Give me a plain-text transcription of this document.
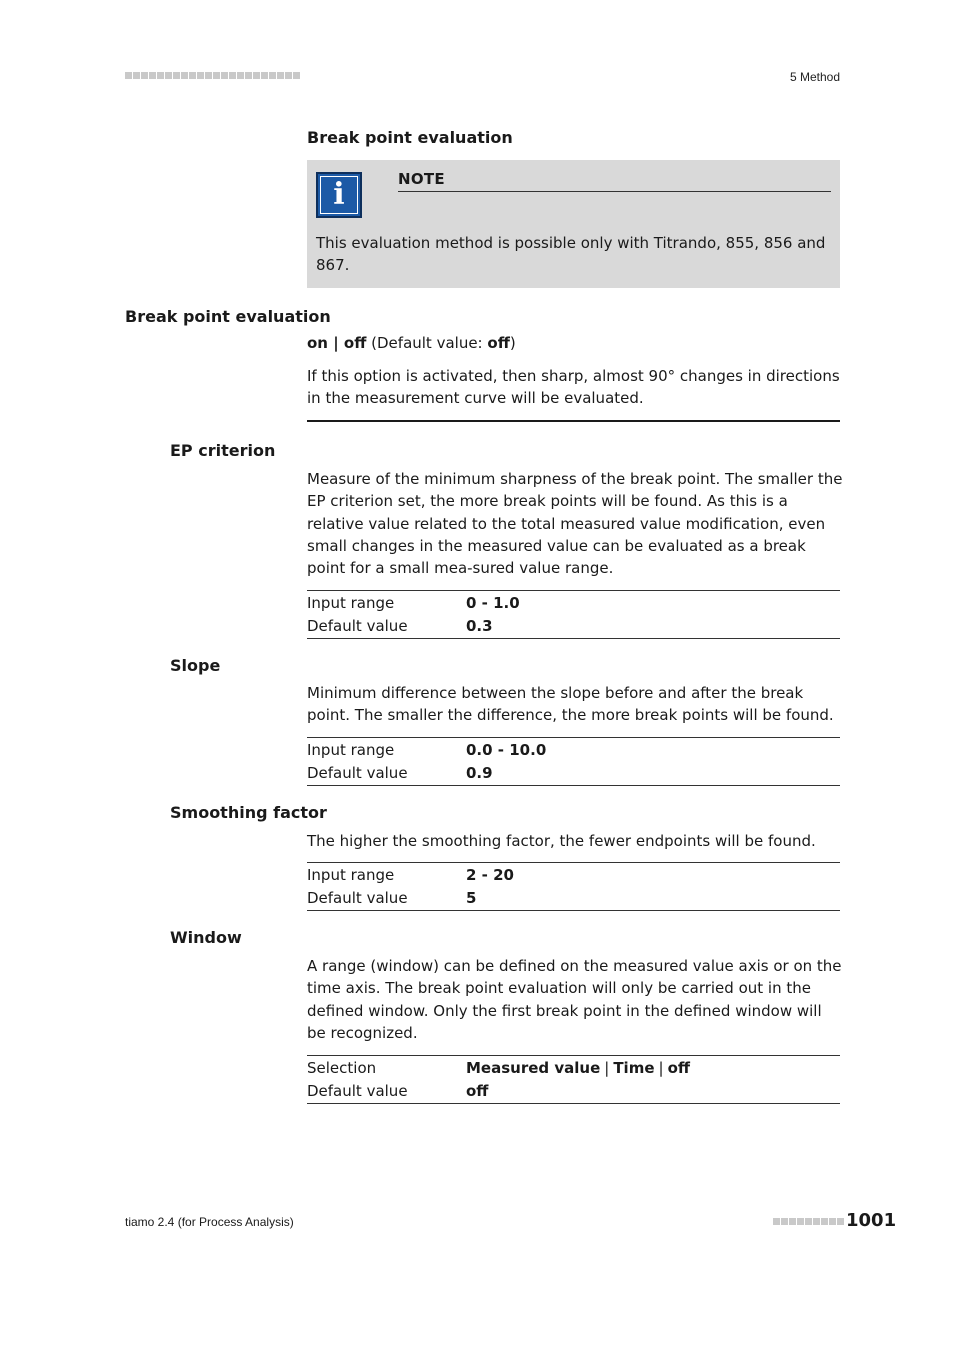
5 Method
Break point evaluation
i	NOTE
This evaluation method is possible only with Titrando, 855, 856 and 867.
Break point evaluation
on | off (Default value: off)
If this option is activated, then sharp, almost 90° changes in directions in the measurement curve will be evaluated.
EP criterion
Measure of the minimum sharpness of the break point. The smaller the EP criterion set, the more break points will be found. As this is a relative value related to the total measured value modification, even small changes in the measured value can be evaluated as a break point for a small mea-sured value range.
Input range	0 - 1.0
Default value	0.3
Slope
Minimum difference between the slope before and after the break point. The smaller the difference, the more break points will be found.
Input range	0.0 - 10.0
Default value	0.9
Smoothing factor
The higher the smoothing factor, the fewer endpoints will be found.
Input range	2 - 20
Default value	5
Window
A range (window) can be defined on the measured value axis or on the time axis. The break point evaluation will only be carried out in the defined window. Only the first break point in the defined window will be recognized.
Selection	Measured value | Time | off
Default value	off
tiamo 2.4 (for Process Analysis)	1001
